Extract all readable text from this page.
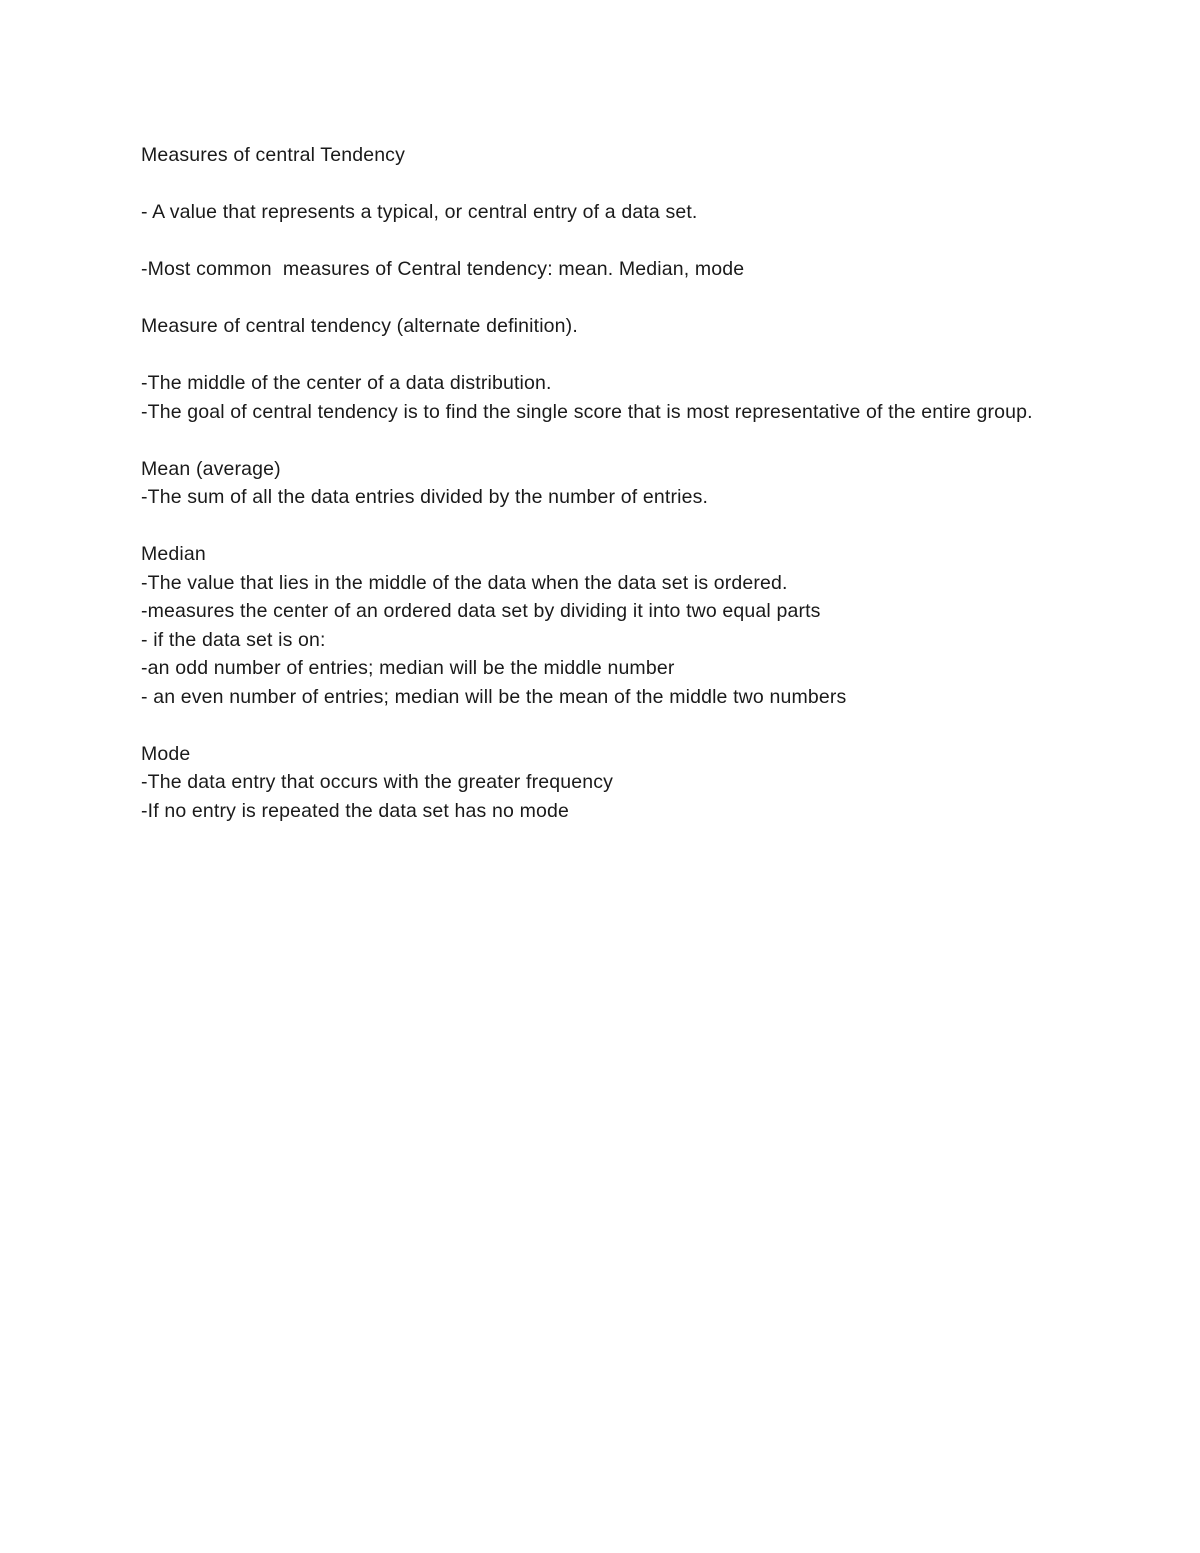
Measures of central Tendency

- A value that represents a typical, or central entry of a data set.

-Most common  measures of Central tendency: mean. Median, mode

Measure of central tendency (alternate definition).

-The middle of the center of a data distribution.

-The goal of central tendency is to find the single score that is most representative of the entire group.

Mean (average)

-The sum of all the data entries divided by the number of entries.

Median

-The value that lies in the middle of the data when the data set is ordered.

-measures the center of an ordered data set by dividing it into two equal parts

- if the data set is on:

-an odd number of entries; median will be the middle number

- an even number of entries; median will be the mean of the middle two numbers

Mode

-The data entry that occurs with the greater frequency

-If no entry is repeated the data set has no mode
